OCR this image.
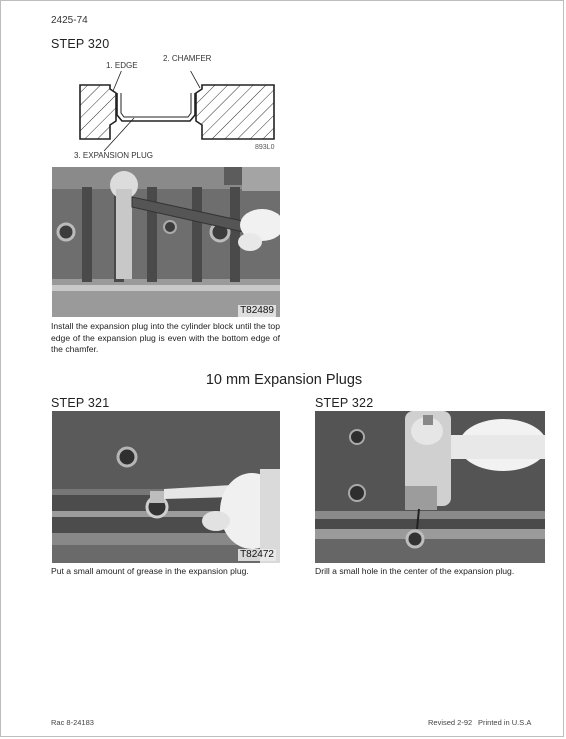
2425-74
STEP 320
1. EDGE
2. CHAMFER
3. EXPANSION PLUG
893L0
T82489
Install the expansion plug into the cylinder block until the top edge of the expansion plug is even with the bottom edge of the chamfer.
10 mm Expansion Plugs
STEP 321
T82472
Put a small amount of grease in the expansion plug.
STEP 322
Drill a small hole in the center of the expansion plug.
Rac 8-24183	Revised 2-92 Printed in U.S.A
